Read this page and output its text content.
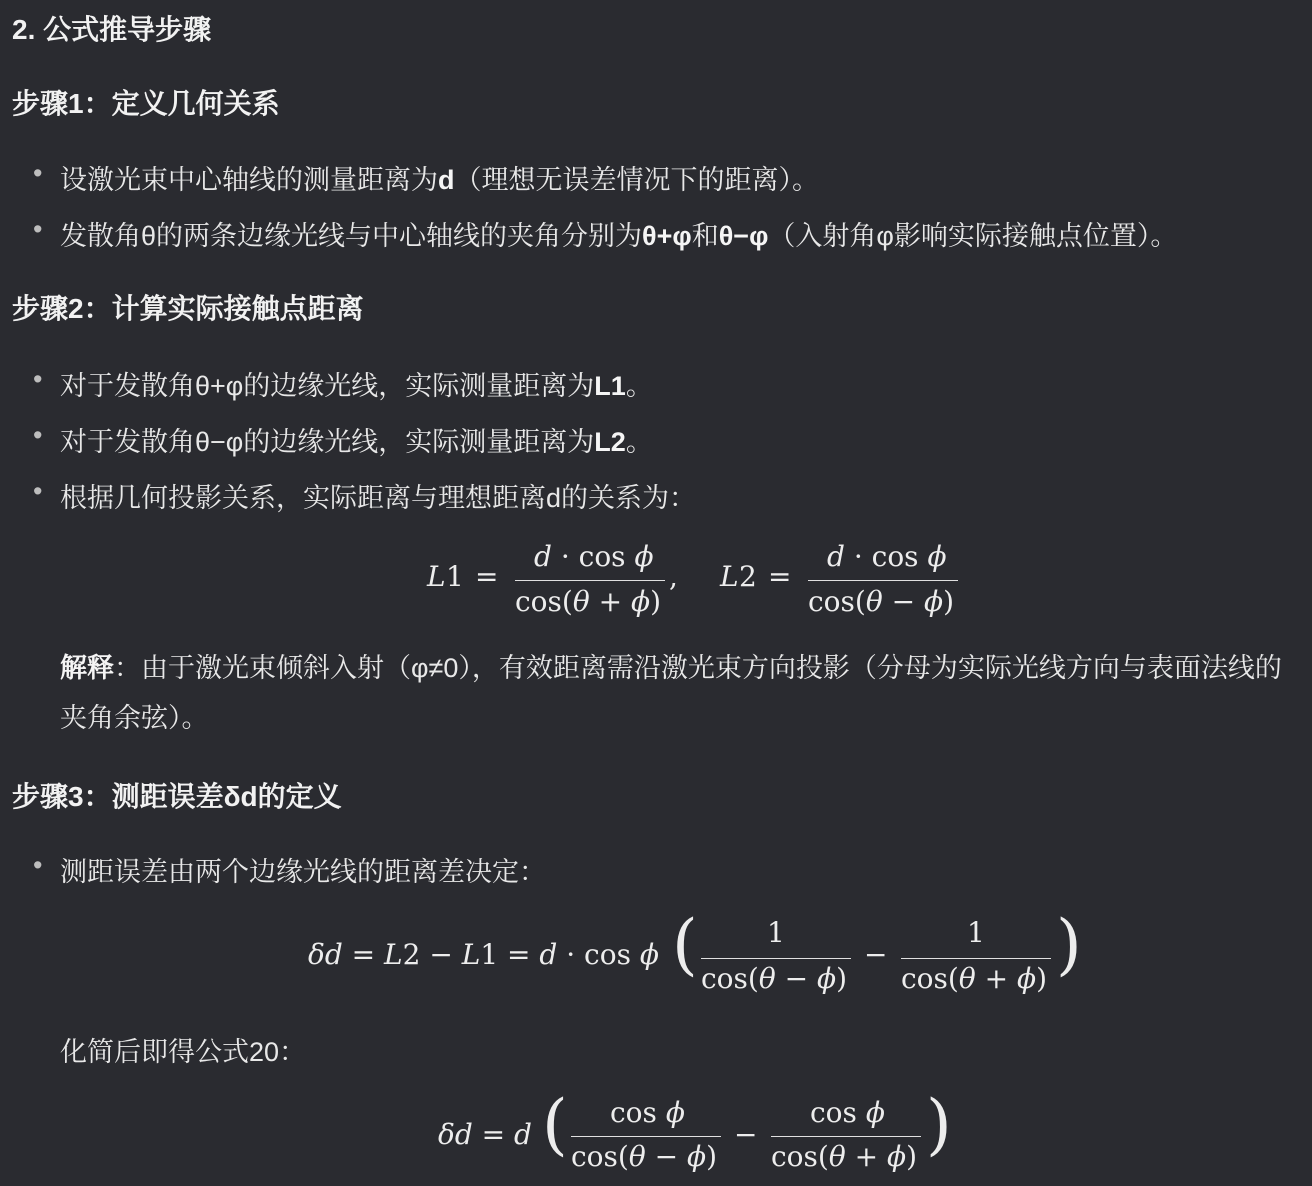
2. 公式推导步骤
步骤1：定义几何关系
• 设激光束中心轴线的测量距离为d（理想无误差情况下的距离）。
• 发散角θ的两条边缘光线与中心轴线的夹角分别为θ+φ和θ−φ（入射角φ影响实际接触点位置）。
步骤2：计算实际接触点距离
• 对于发散角θ+φ的边缘光线，实际测量距离为L1。
• 对于发散角θ−φ的边缘光线，实际测量距离为L2。
• 根据几何投影关系，实际距离与理想距离d的关系为：
L 1 =
d · cos ϕ
cos(θ + ϕ)
, L 2 =
d · cos ϕ
cos(θ − ϕ)
解释：由于激光束倾斜入射（φ≠0），有效距离需沿激光束方向投影（分母为实际光线方向与表面法线的夹角余弦）。
步骤3：测距误差δd的定义
• 测距误差由两个边缘光线的距离差决定：
δd = L2 − L1 = d · cos ϕ ( 1
cos(θ − ϕ)
−
1
cos(θ + ϕ) )
化简后即得公式20：
δd = d ( cos ϕ
cos(θ − ϕ)
−
cos ϕ
cos(θ + ϕ) )
